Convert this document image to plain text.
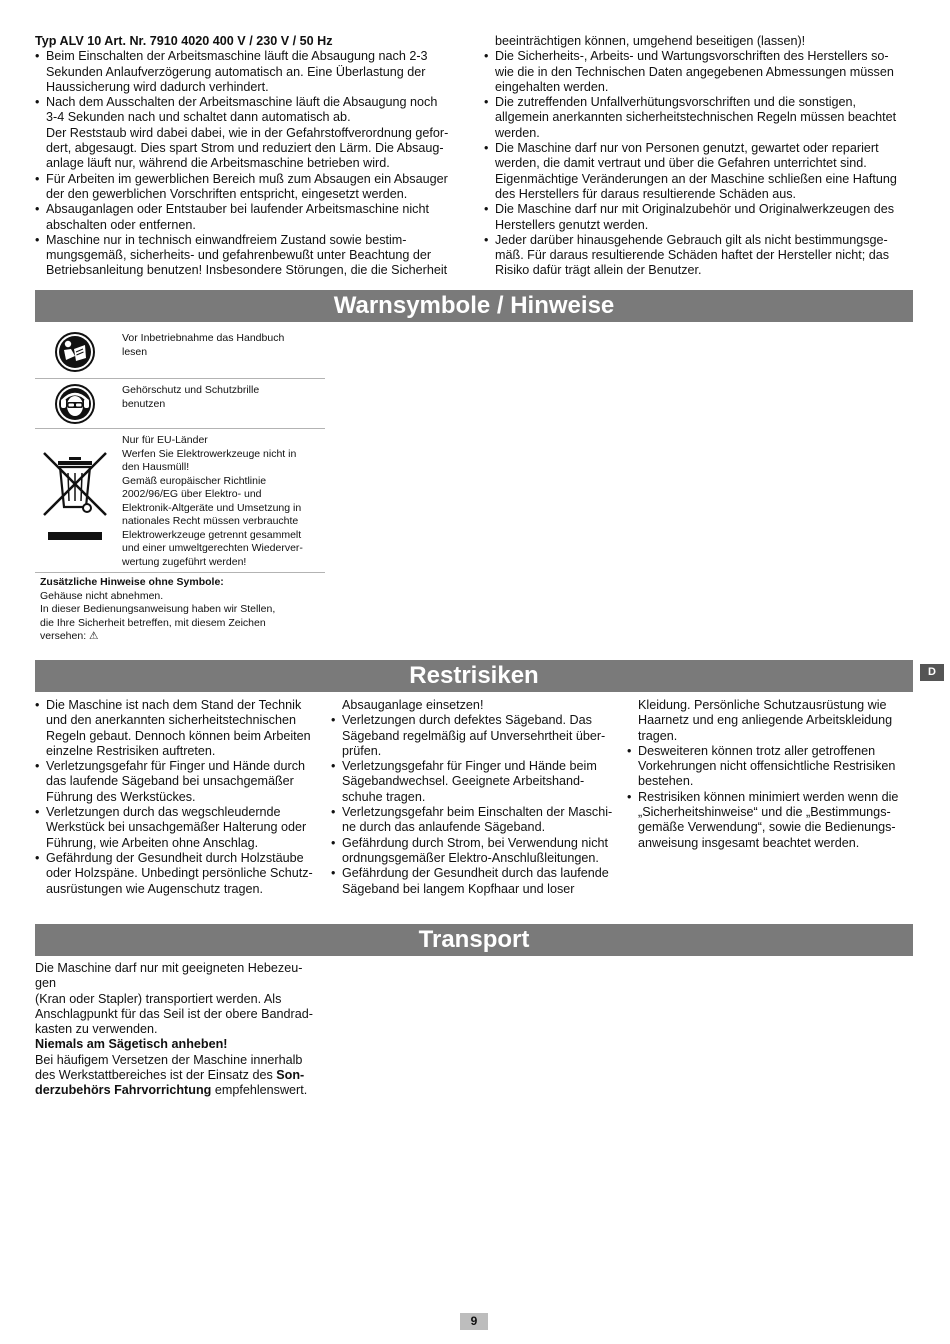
Typ ALV 10 Art. Nr. 7910 4020 400 V / 230 V / 50 Hz
• Beim Einschalten der Arbeitsmaschine läuft die Absaugung nach 2-3
Sekunden Anlaufverzögerung automatisch an. Eine Überlastung der
Haussicherung wird dadurch verhindert.
• Nach dem Ausschalten der Arbeitsmaschine läuft die Absaugung noch
3-4 Sekunden nach und schaltet dann automatisch ab.
Der Reststaub wird dabei dabei, wie in der Gefahrstoffverordnung gefor-
dert, abgesaugt. Dies spart Strom und reduziert den Lärm. Die Absaug-
anlage läuft nur, während die Arbeitsmaschine betrieben wird.
• Für Arbeiten im gewerblichen Bereich muß zum Absaugen ein Absauger
der den gewerblichen Vorschriften entspricht, eingesetzt werden.
• Absauganlagen oder Entstauber bei laufender Arbeitsmaschine nicht
abschalten oder entfernen.
• Maschine nur in technisch einwandfreiem Zustand sowie bestim-
mungsgemäß, sicherheits- und gefahrenbewußt unter Beachtung der
Betriebsanleitung benutzen! Insbesondere Störungen, die die Sicherheit
beeinträchtigen können, umgehend beseitigen (lassen)!
• Die Sicherheits-, Arbeits- und Wartungsvorschriften des Herstellers so-
wie die in den Technischen Daten angegebenen Abmessungen müssen
eingehalten werden.
• Die zutreffenden Unfallverhütungsvorschriften und die sonstigen,
allgemein anerkannten sicherheitstechnischen Regeln müssen beachtet
werden.
• Die Maschine darf nur von Personen genutzt, gewartet oder repariert
werden, die damit vertraut und über die Gefahren unterrichtet sind.
Eigenmächtige Veränderungen an der Maschine schließen eine Haftung
des Herstellers für daraus resultierende Schäden aus.
• Die Maschine darf nur mit Originalzubehör und Originalwerkzeugen des
Herstellers genutzt werden.
• Jeder darüber hinausgehende Gebrauch gilt als nicht bestimmungsge-
mäß. Für daraus resultierende Schäden haftet der Hersteller nicht; das
Risiko dafür trägt allein der Benutzer.
Warnsymbole / Hinweise
Vor Inbetriebnahme das Handbuch
lesen
Gehörschutz und Schutzbrille
benutzen
Nur für EU-Länder
Werfen Sie Elektrowerkzeuge nicht in
den Hausmüll!
Gemäß europäischer Richtlinie
2002/96/EG über Elektro- und
Elektronik-Altgeräte und Umsetzung in
nationales Recht müssen verbrauchte
Elektrowerkzeuge getrennt gesammelt
und einer umweltgerechten Wiederver-
wertung zugeführt werden!
Zusätzliche Hinweise ohne Symbole:
Gehäuse nicht abnehmen.
In dieser Bedienungsanweisung haben wir Stellen,
die Ihre Sicherheit betreffen, mit diesem Zeichen
versehen: ⚠
Restrisiken	D
• Die Maschine ist nach dem Stand der Technik
und den anerkannten sicherheitstechnischen
Regeln gebaut. Dennoch können beim Arbeiten
einzelne Restrisiken auftreten.
• Verletzungsgefahr für Finger und Hände durch
das laufende Sägeband bei unsachgemäßer
Führung des Werkstückes.
• Verletzungen durch das wegschleudernde
Werkstück bei unsachgemäßer Halterung oder
Führung, wie Arbeiten ohne Anschlag.
• Gefährdung der Gesundheit durch Holzstäube
oder Holzspäne. Unbedingt persönliche Schutz-
ausrüstungen wie Augenschutz tragen.
Absauganlage einsetzen!
• Verletzungen durch defektes Sägeband. Das
Sägeband regelmäßig auf Unversehrtheit über-
prüfen.
• Verletzungsgefahr für Finger und Hände beim
Sägebandwechsel. Geeignete Arbeitshand-
schuhe tragen.
• Verletzungsgefahr beim Einschalten der Maschi-
ne durch das anlaufende Sägeband.
• Gefährdung durch Strom, bei Verwendung nicht
ordnungsgemäßer Elektro-Anschlußleitungen.
• Gefährdung der Gesundheit durch das laufende
Sägeband bei langem Kopfhaar und loser
Kleidung. Persönliche Schutzausrüstung wie
Haarnetz und eng anliegende Arbeitskleidung
tragen.
• Desweiteren können trotz aller getroffenen
Vorkehrungen nicht offensichtliche Restrisiken
bestehen.
• Restrisiken können minimiert werden wenn die
„Sicherheitshinweise“ und die „Bestimmungs-
gemäße Verwendung“, sowie die Bedienungs-
anweisung insgesamt beachtet werden.
Transport
Die Maschine darf nur mit geeigneten Hebezeu-
gen
(Kran oder Stapler) transportiert werden. Als
Anschlagpunkt für das Seil ist der obere Bandrad-
kasten zu verwenden.
Niemals am Sägetisch anheben!
Bei häufigem Versetzen der Maschine innerhalb
des Werkstattbereiches ist der Einsatz des Son-
derzubehörs Fahrvorrichtung empfehlenswert.
9
